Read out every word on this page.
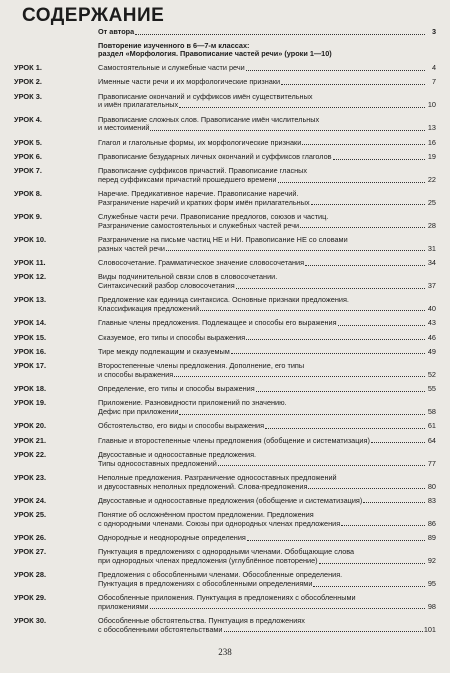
СОДЕРЖАНИЕ
От автора	3
Повторение изученного в 6—7-м классах:
раздел «Морфология. Правописание частей речи» (уроки 1—10)
УРОК 1.	Самостоятельные и служебные части речи	4
УРОК 2.	Именные части речи и их морфологические признаки	7
УРОК 3.	Правописание окончаний и суффиксов имён существительных
и имён прилагательных	10
УРОК 4.	Правописание сложных слов. Правописание имён числительных
и местоимений	13
УРОК 5.	Глагол и глагольные формы, их морфологические признаки	16
УРОК 6.	Правописание безударных личных окончаний и суффиксов глаголов	19
УРОК 7.	Правописание суффиксов причастий. Правописание гласных
перед суффиксами причастий прошедшего времени	22
УРОК 8.	Наречие. Предикативное наречие. Правописание наречий.
Разграничение наречий и кратких форм имён прилагательных	25
УРОК 9.	Служебные части речи. Правописание предлогов, союзов и частиц.
Разграничение самостоятельных и служебных частей речи	28
УРОК 10.	Разграничение на письме частиц НЕ и НИ. Правописание НЕ со словами
разных частей речи	31
УРОК 11.	Словосочетание. Грамматическое значение словосочетания	34
УРОК 12.	Виды подчинительной связи слов в словосочетании.
Синтаксический разбор словосочетания	37
УРОК 13.	Предложение как единица синтаксиса. Основные признаки предложения.
Классификация предложений	40
УРОК 14.	Главные члены предложения. Подлежащее и способы его выражения	43
УРОК 15.	Сказуемое, его типы и способы выражения	46
УРОК 16.	Тире между подлежащим и сказуемым	49
УРОК 17.	Второстепенные члены предложения. Дополнение, его типы
и способы выражения	52
УРОК 18.	Определение, его типы и способы выражения	55
УРОК 19.	Приложение. Разновидности приложений по значению.
Дефис при приложении	58
УРОК 20.	Обстоятельство, его виды и способы выражения	61
УРОК 21.	Главные и второстепенные члены предложения (обобщение и систематизация)	64
УРОК 22.	Двусоставные и односоставные предложения.
Типы односоставных предложений	77
УРОК 23.	Неполные предложения. Разграничение односоставных предложений
и двусоставных неполных предложений. Слова-предложения	80
УРОК 24.	Двусоставные и односоставные предложения (обобщение и систематизация)	83
УРОК 25.	Понятие об осложнённом простом предложении. Предложения
с однородными членами. Союзы при однородных членах предложения	86
УРОК 26.	Однородные и неоднородные определения	89
УРОК 27.	Пунктуация в предложениях с однородными членами. Обобщающие слова
при однородных членах предложения (углублённое повторение)	92
УРОК 28.	Предложения с обособленными членами. Обособленные определения.
Пунктуация в предложениях с обособленными определениями	95
УРОК 29.	Обособленные приложения. Пунктуация в предложениях с обособленными
приложениями	98
УРОК 30.	Обособленные обстоятельства. Пунктуация в предложениях
с обособленными обстоятельствами	101
238
